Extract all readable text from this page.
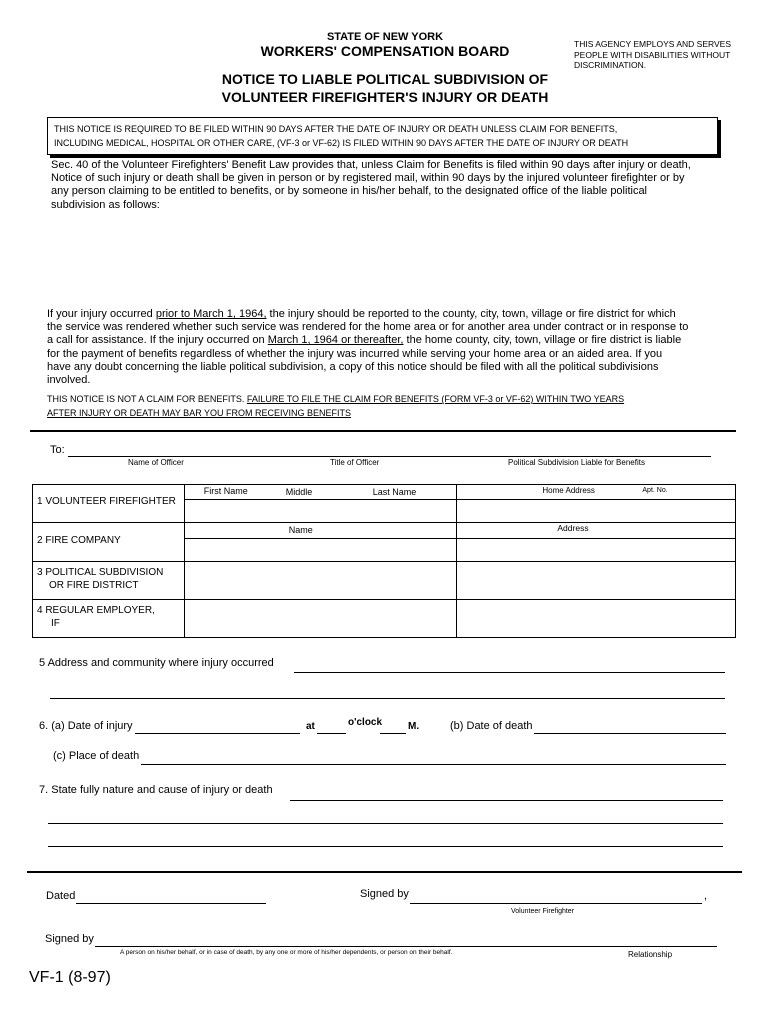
STATE OF NEW YORK
WORKERS' COMPENSATION BOARD	THIS AGENCY EMPLOYS AND SERVES
PEOPLE WITH DISABILITIES WITHOUT
DISCRIMINATION.
NOTICE TO LIABLE POLITICAL SUBDIVISION OF
VOLUNTEER FIREFIGHTER'S INJURY OR DEATH
THIS NOTICE IS REQUIRED TO BE FILED WITHIN 90 DAYS AFTER THE DATE OF INJURY OR DEATH UNLESS CLAIM FOR BENEFITS,
INCLUDING MEDICAL, HOSPITAL OR OTHER CARE, (VF-3 or VF-62) IS FILED WITHIN 90 DAYS AFTER THE DATE OF INJURY OR DEATH
Sec. 40 of the Volunteer Firefighters' Benefit Law provides that, unless Claim for Benefits is filed within 90 days after injury or death,
Notice of such injury or death shall be given in person or by registered mail, within 90 days by the injured volunteer firefighter or by
any person claiming to be entitled to benefits, or by someone in his/her behalf, to the designated office of the liable political
subdivision as follows:
If your injury occurred prior to March 1, 1964, the injury should be reported to the county, city, town, village or fire district for which
the service was rendered whether such service was rendered for the home area or for another area under contract or in response to
a call for assistance. If the injury occurred on March 1, 1964 or thereafter, the home county, city, town, village or fire district is liable
for the payment of benefits regardless of whether the injury was incurred while serving your home area or an aided area. If you
have any doubt concerning the liable political subdivision, a copy of this notice should be filed with all the political subdivisions
involved.
THIS NOTICE IS NOT A CLAIM FOR BENEFITS. FAILURE TO FILE THE CLAIM FOR BENEFITS (FORM VF-3 or VF-62) WITHIN TWO YEARS
AFTER INJURY OR DEATH MAY BAR YOU FROM RECEIVING BENEFITS
To:
Name of Officer	Title of Officer	Political Subdivision Liable for Benefits
1 VOLUNTEER FIREFIGHTER	First Name Middle Last Name	Home Address Apt. No.

2 FIRE COMPANY	Name	Address

3 POLITICAL SUBDIVISION
OR FIRE DISTRICT		

4 REGULAR EMPLOYER,
IF		

5 Address and community where injury occurred
6. (a) Date of injury	at	o'clock	M.	(b) Date of death
(c) Place of death
7. State fully nature and cause of injury or death
Dated	Signed by	,
Volunteer Firefighter
Signed by
A person on his/her behalf, or in case of death, by any one or more of his/her dependents, or person on their behalf.	Relationship
VF-1 (8-97)
